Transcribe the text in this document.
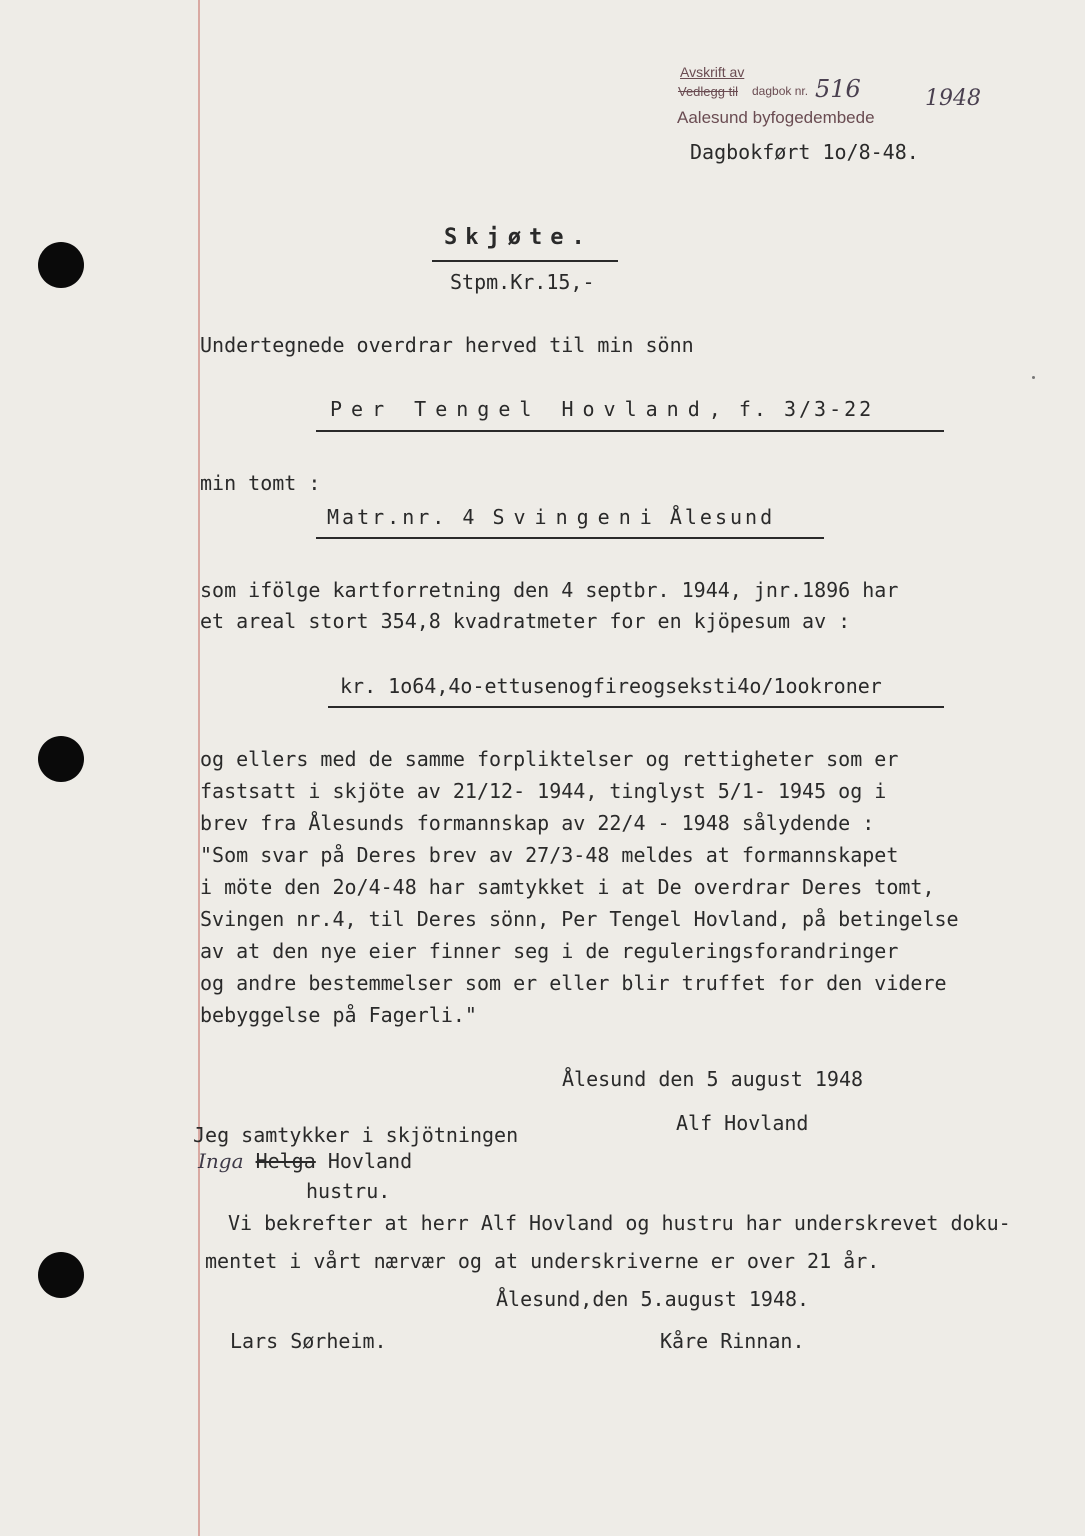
Avskrift av
Vedlegg til dagbok nr. 516	1948
Aalesund byfogedembede
Dagbokført 1o/8-48.
Skjøte.
Stpm.Kr.15,-
Undertegnede overdrar herved til min sönn
Per Tengel Hovland, f. 3/3-22
min tomt :
Matr.nr. 4 Svingeni Ålesund
som ifölge kartforretning den 4 septbr. 1944, jnr.1896 har
et areal stort 354,8 kvadratmeter for en kjöpesum av :
kr. 1o64,4o-ettusenogfireogseksti4o/1ookroner
og ellers med de samme forpliktelser og rettigheter som er
fastsatt i skjöte av 21/12- 1944, tinglyst 5/1- 1945 og i
brev fra Ålesunds formannskap av 22/4 - 1948 sålydende :
"Som svar på Deres brev av 27/3-48 meldes at formannskapet
i möte den 2o/4-48 har samtykket i at De overdrar Deres tomt,
Svingen nr.4, til Deres sönn, Per Tengel Hovland, på betingelse
av at den nye eier finner seg i de reguleringsforandringer
og andre bestemmelser som er eller blir truffet for den videre
bebyggelse på Fagerli."
Ålesund den 5 august 1948
Alf Hovland
Jeg samtykker i skjötningen
Inga Helga Hovland
hustru.
Vi bekrefter at herr Alf Hovland og hustru har underskrevet doku-
mentet i vårt nærvær og at underskriverne er over 21 år.
Ålesund,den 5.august 1948.
Lars Sørheim.	Kåre Rinnan.
